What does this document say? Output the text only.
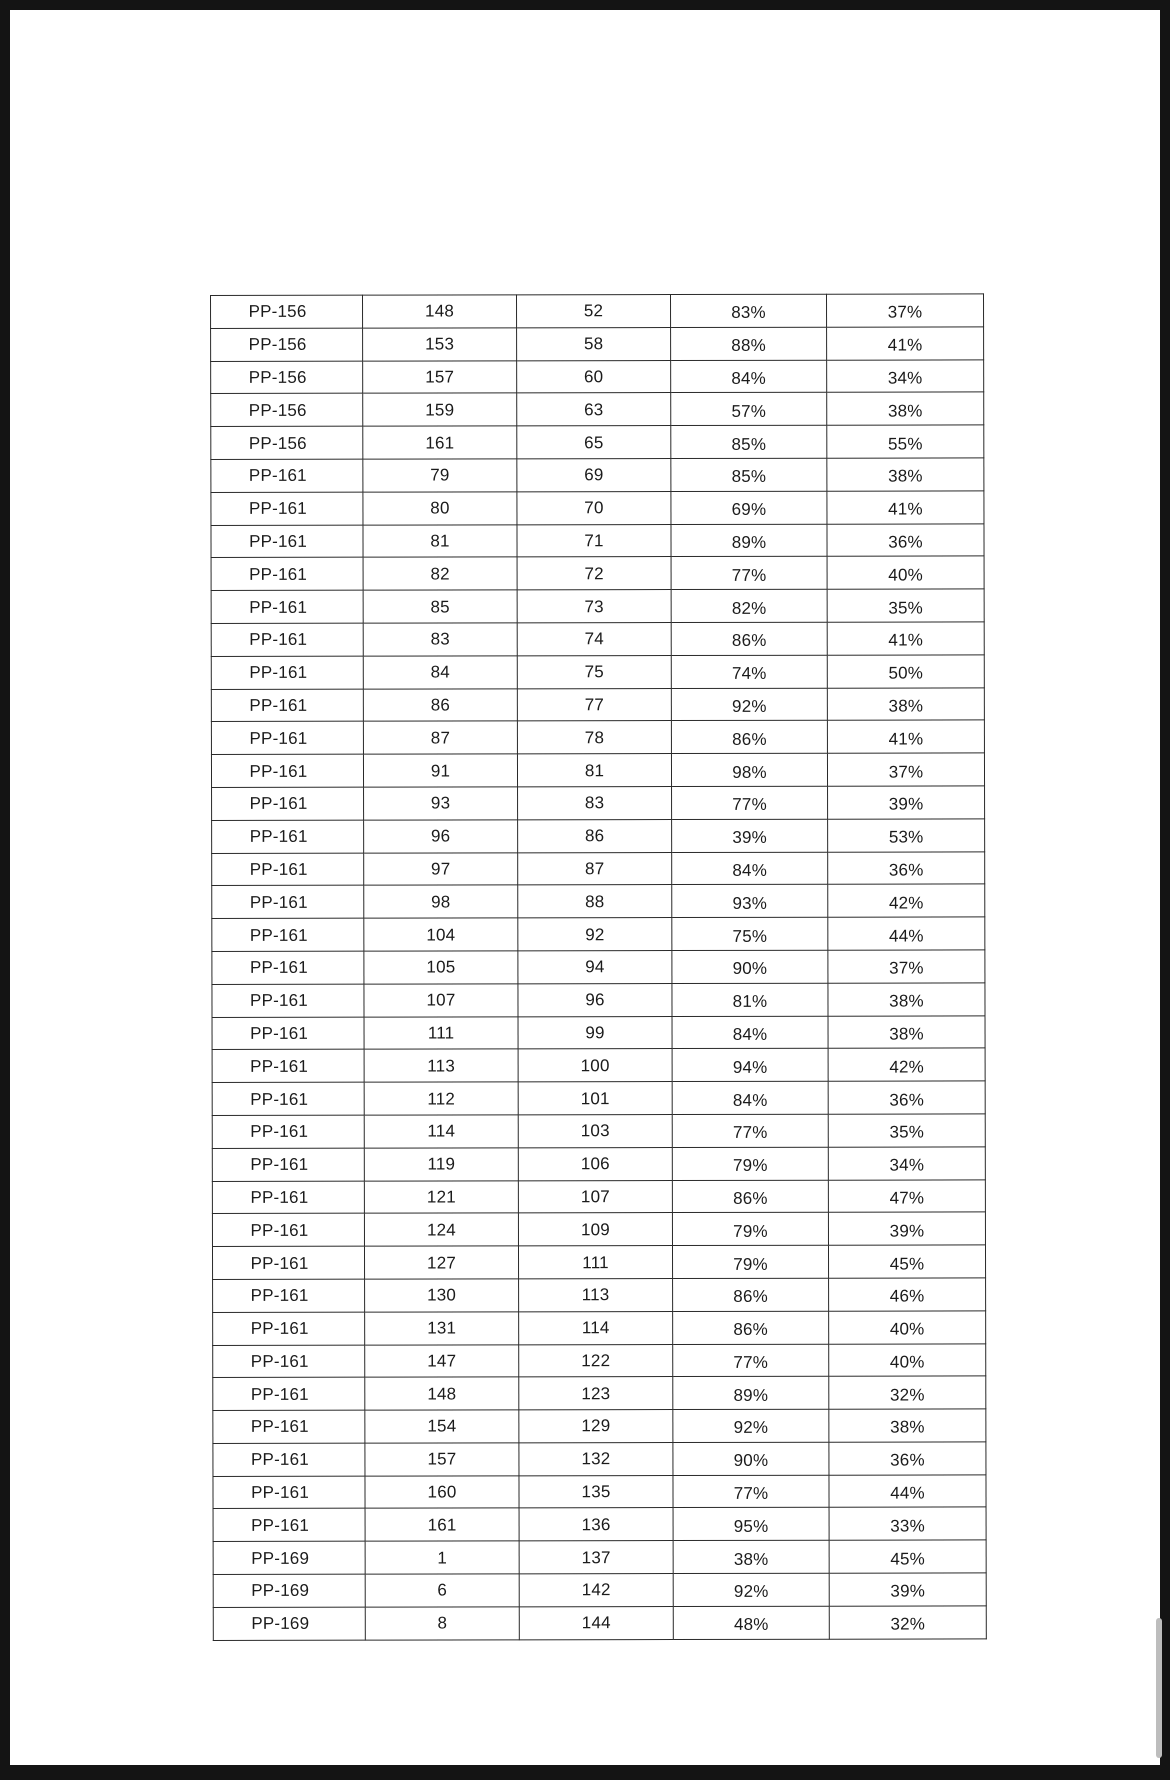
PP-156	148	52	83%	37%
PP-156	153	58	88%	41%
PP-156	157	60	84%	34%
PP-156	159	63	57%	38%
PP-156	161	65	85%	55%
PP-161	79	69	85%	38%
PP-161	80	70	69%	41%
PP-161	81	71	89%	36%
PP-161	82	72	77%	40%
PP-161	85	73	82%	35%
PP-161	83	74	86%	41%
PP-161	84	75	74%	50%
PP-161	86	77	92%	38%
PP-161	87	78	86%	41%
PP-161	91	81	98%	37%
PP-161	93	83	77%	39%
PP-161	96	86	39%	53%
PP-161	97	87	84%	36%
PP-161	98	88	93%	42%
PP-161	104	92	75%	44%
PP-161	105	94	90%	37%
PP-161	107	96	81%	38%
PP-161	111	99	84%	38%
PP-161	113	100	94%	42%
PP-161	112	101	84%	36%
PP-161	114	103	77%	35%
PP-161	119	106	79%	34%
PP-161	121	107	86%	47%
PP-161	124	109	79%	39%
PP-161	127	111	79%	45%
PP-161	130	113	86%	46%
PP-161	131	114	86%	40%
PP-161	147	122	77%	40%
PP-161	148	123	89%	32%
PP-161	154	129	92%	38%
PP-161	157	132	90%	36%
PP-161	160	135	77%	44%
PP-161	161	136	95%	33%
PP-169	1	137	38%	45%
PP-169	6	142	92%	39%
PP-169	8	144	48%	32%
